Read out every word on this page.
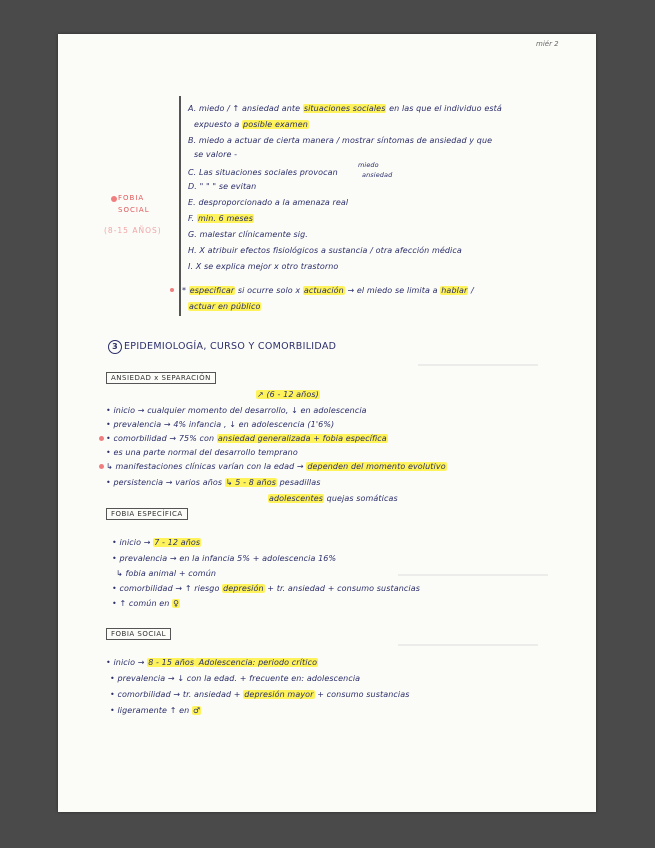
miér 2
FOBIA
SOCIAL
(8-15 AÑOS)
A. miedo / ↑ ansiedad ante situaciones sociales en las que el individuo está
expuesto a posible examen
B. miedo a actuar de cierta manera / mostrar síntomas de ansiedad y que
se valore -
C. Las situaciones sociales provocan
miedo
ansiedad
D. " " " se evitan
E. desproporcionado a la amenaza real
F. min. 6 meses
G. malestar clínicamente sig.
H. X atribuir efectos fisiológicos a sustancia / otra afección médica
I. X se explica mejor x otro trastorno
* especificar si ocurre solo x actuación → el miedo se limita a hablar /
actuar en público
3 EPIDEMIOLOGÍA, CURSO Y COMORBILIDAD
ANSIEDAD x SEPARACIÓN
↗ (6 - 12 años)
• inicio → cualquier momento del desarrollo, ↓ en adolescencia
• prevalencia → 4% infancia , ↓ en adolescencia (1'6%)
• comorbilidad → 75% con ansiedad generalizada + fobia específica
• es una parte normal del desarrollo temprano
↳ manifestaciones clínicas varían con la edad → dependen del momento evolutivo
• persistencia → varios años ↳ 5 - 8 años pesadillas
adolescentes quejas somáticas
FOBIA ESPECÍFICA
• inicio → 7 - 12 años
• prevalencia → en la infancia 5% + adolescencia 16%
↳ fobia animal + común
• comorbilidad → ↑ riesgo depresión + tr. ansiedad + consumo sustancias
• ↑ común en ♀
FOBIA SOCIAL
• inicio → 8 - 15 años Adolescencia: periodo crítico
• prevalencia → ↓ con la edad. + frecuente en: adolescencia
• comorbilidad → tr. ansiedad + depresión mayor + consumo sustancias
• ligeramente ↑ en ♂
